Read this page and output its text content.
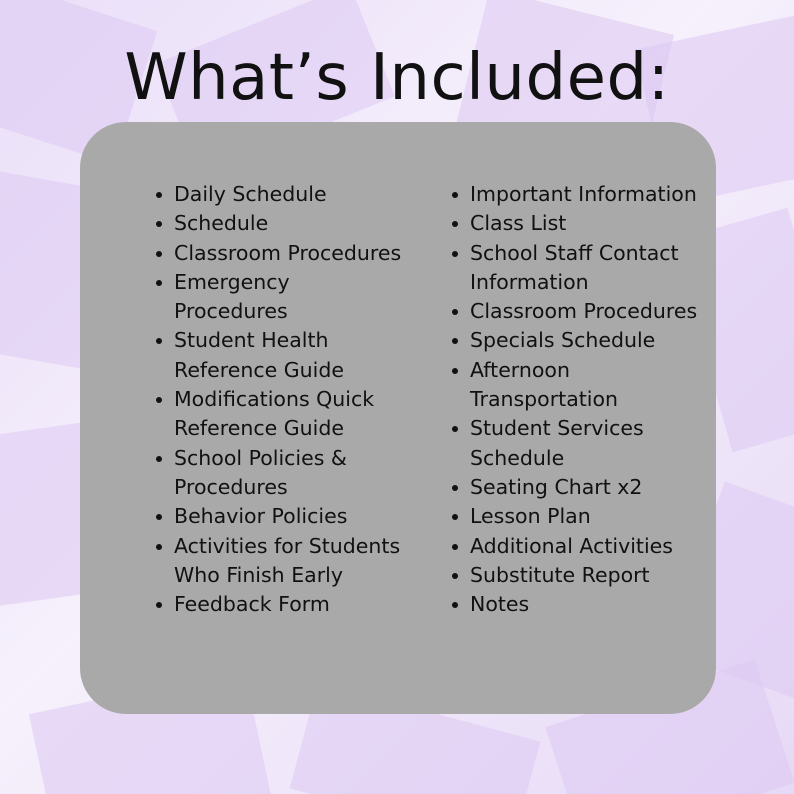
What’s Included:
Daily Schedule
Schedule
Classroom Procedures
Emergency Procedures
Student Health Reference Guide
Modifications Quick Reference Guide
School Policies & Procedures
Behavior Policies
Activities for Students Who Finish Early
Feedback Form
Important Information
Class List
School Staff Contact Information
Classroom Procedures
Specials Schedule
Afternoon Transportation
Student Services Schedule
Seating Chart x2
Lesson Plan
Additional Activities
Substitute Report
Notes
